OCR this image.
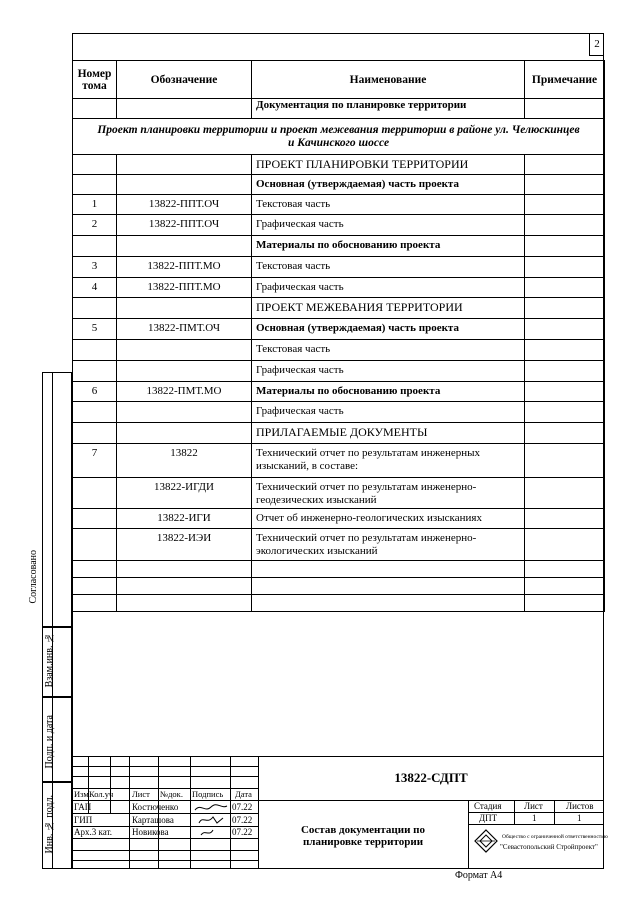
2
Номер тома	Обозначение	Наименование	Примечание
		Документация по планировке территории	
Проект планировки территории и проект межевания территории в районе ул. Челюскинцев и Качинского шоссе			
		ПРОЕКТ ПЛАНИРОВКИ ТЕРРИТОРИИ	
		Основная (утверждаемая) часть проекта	
1	13822-ППТ.ОЧ	Текстовая часть	
2	13822-ППТ.ОЧ	Графическая часть	
		Материалы по обоснованию проекта	
3	13822-ППТ.МО	Текстовая часть	
4	13822-ППТ.МО	Графическая часть	
		ПРОЕКТ МЕЖЕВАНИЯ ТЕРРИТОРИИ	
5	13822-ПМТ.ОЧ	Основная (утверждаемая) часть проекта	
		Текстовая часть	
		Графическая часть	
6	13822-ПМТ.МО	Материалы по обоснованию проекта	
		Графическая часть	
		ПРИЛАГАЕМЫЕ ДОКУМЕНТЫ	
7	13822	Технический отчет по результатам инженерных изысканий, в составе:	
	13822-ИГДИ	Технический отчет по результатам инженерно-геодезических изысканий	
	13822-ИГИ	Отчет об инженерно-геологических изысканиях	
	13822-ИЭИ	Технический отчет по результатам инженерно-экологических изысканий	

Согласовано
Взам.инв. №
Подп. и дата
Инв. № подл.
Изм Кол.уч Лист №док. Подпись Дата
ГАП	Костюченко	07.22
ГИП	Карташова	07.22
Арх.3 кат. Новикова	07.22
13822-СДПТ
Состав документации по планировке территории
Стадия	Лист	Листов
ДПТ	1	1
Общество с ограниченной ответственностью
"Севастопольский Стройпроект"
Формат А4
